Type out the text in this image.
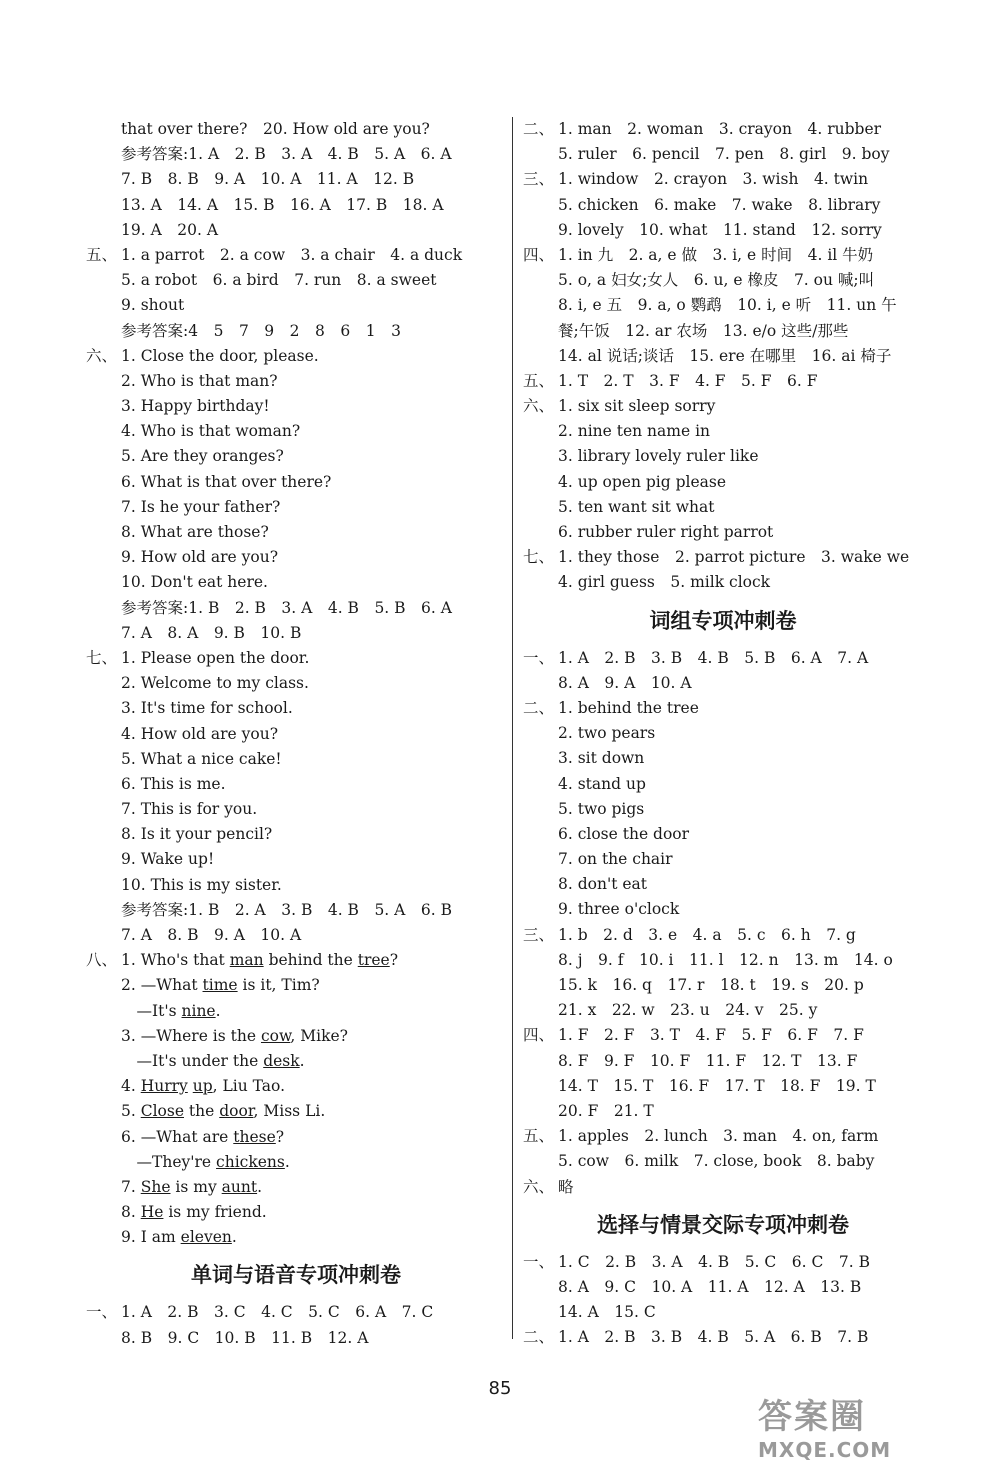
that over there?　20. How old are you?
参考答案:1. A　2. B　3. A　4. B　5. A　6. A
7. B　8. B　9. A　10. A　11. A　12. B
13. A　14. A　15. B　16. A　17. B　18. A
19. A　20. A
五、 1. a parrot　2. a cow　3. a chair　4. a duck
5. a robot　6. a bird　7. run　8. a sweet
9. shout
参考答案:4　5　7　9　2　8　6　1　3
六、 1. Close the door, please.
2. Who is that man?
3. Happy birthday!
4. Who is that woman?
5. Are they oranges?
6. What is that over there?
7. Is he your father?
8. What are those?
9. How old are you?
10. Don't eat here.
参考答案:1. B　2. B　3. A　4. B　5. B　6. A
7. A　8. A　9. B　10. B
七、 1. Please open the door.
2. Welcome to my class.
3. It's time for school.
4. How old are you?
5. What a nice cake!
6. This is me.
7. This is for you.
8. Is it your pencil?
9. Wake up!
10. This is my sister.
参考答案:1. B　2. A　3. B　4. B　5. A　6. B
7. A　8. B　9. A　10. A
八、 1. Who's that man behind the tree?
2. —What time is it, Tim?
　—It's nine.
3. —Where is the cow, Mike?
　—It's under the desk.
4. Hurry up, Liu Tao.
5. Close the door, Miss Li.
6. —What are these?
　—They're chickens.
7. She is my aunt.
8. He is my friend.
9. I am eleven.
单词与语音专项冲刺卷
一、 1. A　2. B　3. C　4. C　5. C　6. A　7. C
8. B　9. C　10. B　11. B　12. A
二、 1. man　2. woman　3. crayon　4. rubber
5. ruler　6. pencil　7. pen　8. girl　9. boy
三、 1. window　2. crayon　3. wish　4. twin
5. chicken　6. make　7. wake　8. library
9. lovely　10. what　11. stand　12. sorry
四、 1. in 九　2. a, e 做　3. i, e 时间　4. il 牛奶
5. o, a 妇女;女人　6. u, e 橡皮　7. ou 喊;叫
8. i, e 五　9. a, o 鹦鹉　10. i, e 听　11. un 午
餐;午饭　12. ar 农场　13. e/o 这些/那些
14. al 说话;谈话　15. ere 在哪里　16. ai 椅子
五、 1. T　2. T　3. F　4. F　5. F　6. F
六、 1. six sit sleep sorry
2. nine ten name in
3. library lovely ruler like
4. up open pig please
5. ten want sit what
6. rubber ruler right parrot
七、 1. they those　2. parrot picture　3. wake we
4. girl guess　5. milk clock
词组专项冲刺卷
一、 1. A　2. B　3. B　4. B　5. B　6. A　7. A
8. A　9. A　10. A
二、 1. behind the tree
2. two pears
3. sit down
4. stand up
5. two pigs
6. close the door
7. on the chair
8. don't eat
9. three o'clock
三、 1. b　2. d　3. e　4. a　5. c　6. h　7. g
8. j　9. f　10. i　11. l　12. n　13. m　14. o
15. k　16. q　17. r　18. t　19. s　20. p
21. x　22. w　23. u　24. v　25. y
四、 1. F　2. F　3. T　4. F　5. F　6. F　7. F
8. F　9. F　10. F　11. F　12. T　13. F
14. T　15. T　16. F　17. T　18. F　19. T
20. F　21. T
五、 1. apples　2. lunch　3. man　4. on, farm
5. cow　6. milk　7. close, book　8. baby
六、 略
选择与情景交际专项冲刺卷
一、 1. C　2. B　3. A　4. B　5. C　6. C　7. B
8. A　9. C　10. A　11. A　12. A　13. B
14. A　15. C
二、 1. A　2. B　3. B　4. B　5. A　6. B　7. B
85
答案圈
MXQE.COM
